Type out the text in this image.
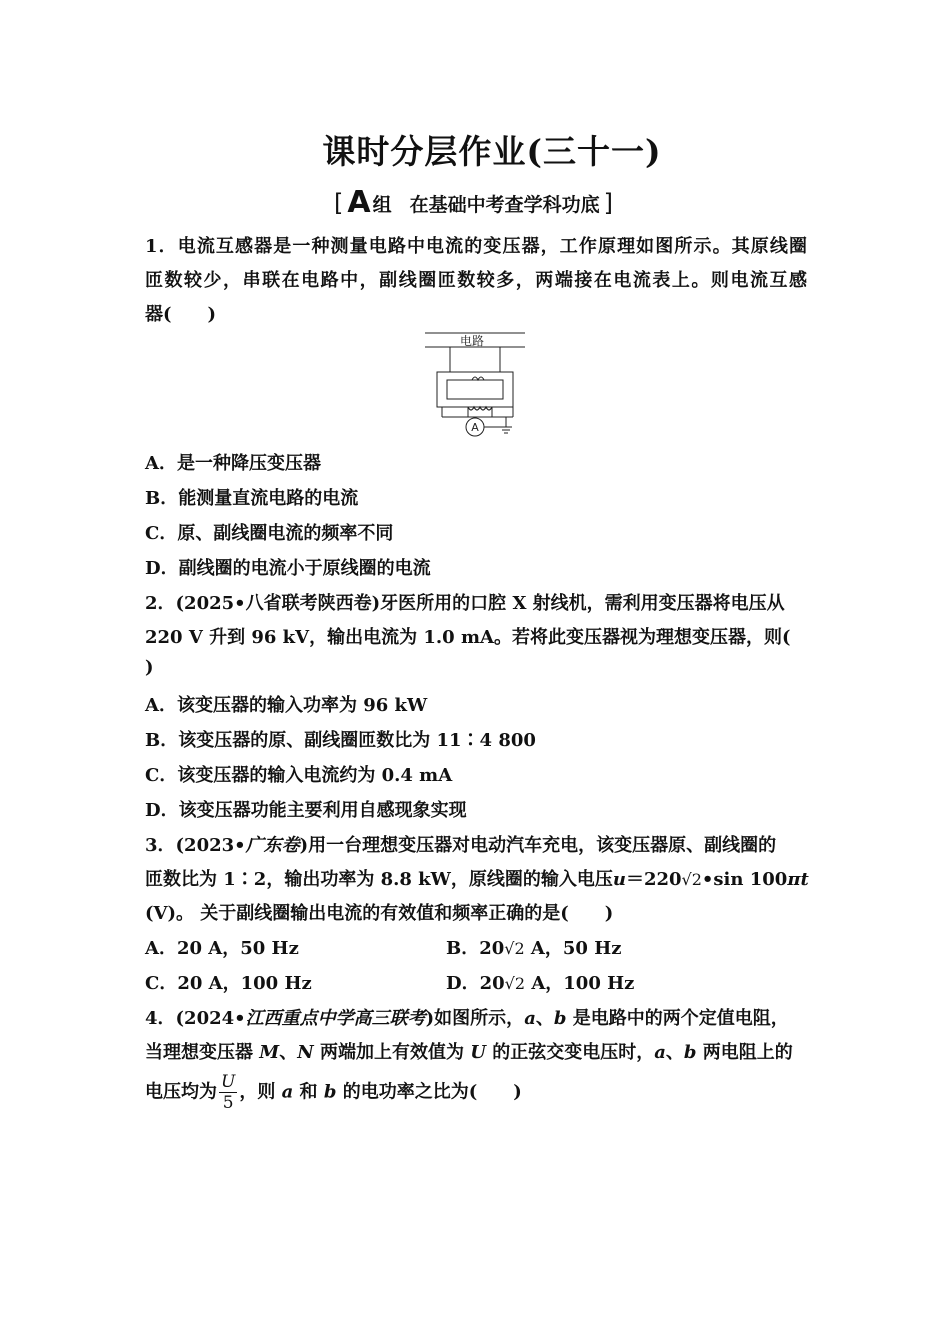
课时分层作业(三十一)
[ A 组 在基础中考查学科功底 ]
1．电流互感器是一种测量电路中电流的变压器，工作原理如图所示。其原线圈
匝数较少，串联在电路中，副线圈匝数较多，两端接在电流表上。则电流互感
器(　　)
电路
A
A．是一种降压变压器
B．能测量直流电路的电流
C．原、副线圈电流的频率不同
D．副线圈的电流小于原线圈的电流
2．(2025•八省联考陕西卷)牙医所用的口腔 X 射线机，需利用变压器将电压从
220 V 升到 96 kV，输出电流为 1.0 mA。若将此变压器视为理想变压器，则(
)
A．该变压器的输入功率为 96 kW
B．该变压器的原、副线圈匝数比为 11∶4 800
C．该变压器的输入电流约为 0.4 mA
D．该变压器功能主要利用自感现象实现
3．(2023•广东卷)用一台理想变压器对电动汽车充电，该变压器原、副线圈的
匝数比为 1∶2，输出功率为 8.8 kW，原线圈的输入电压u＝220√2•sin 100πt
(V)。 关于副线圈输出电流的有效值和频率正确的是(　　)
A．20 A，50 Hz	B．20√2 A，50 Hz
C．20 A，100 Hz	D．20√2 A，100 Hz
4．(2024•江西重点中学高三联考)如图所示，a、b 是电路中的两个定值电阻，
当理想变压器 M、N 两端加上有效值为 U 的正弦交变电压时，a、b 两电阻上的
电压均为 $\frac{U}{5}$ ，则 a 和 b 的电功率之比为(　　)
